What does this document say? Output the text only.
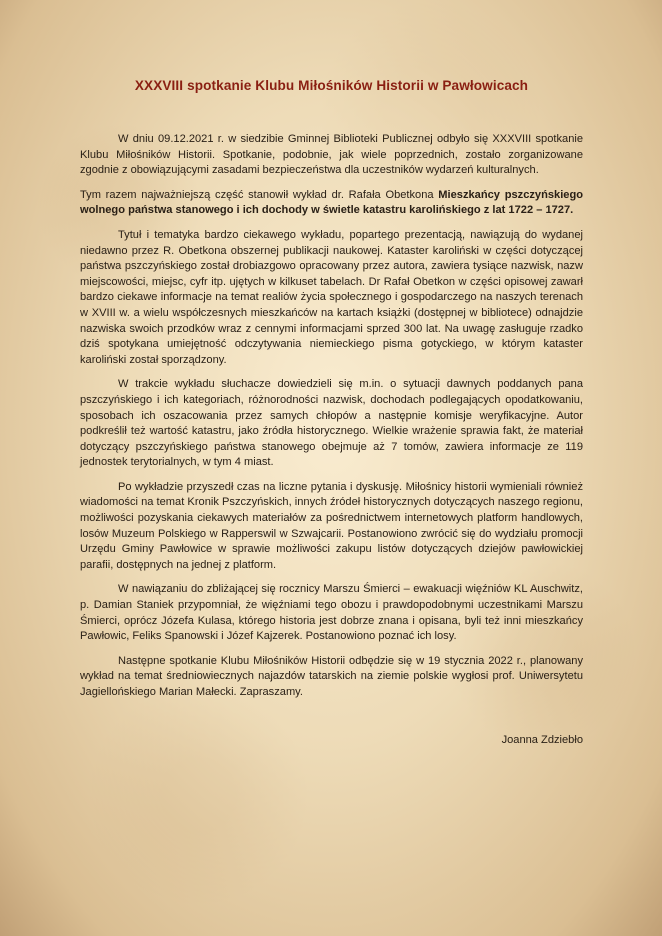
XXXVIII spotkanie Klubu Miłośników Historii w Pawłowicach

W dniu 09.12.2021 r. w siedzibie Gminnej Biblioteki Publicznej odbyło się XXXVIII spotkanie Klubu Miłośników Historii. Spotkanie, podobnie, jak wiele poprzednich, zostało zorganizowane zgodnie z obowiązującymi zasadami bezpieczeństwa dla uczestników wydarzeń kulturalnych.

Tym razem najważniejszą część stanowił wykład dr. Rafała Obetkona Mieszkańcy pszczyńskiego wolnego państwa stanowego i ich dochody w świetle katastru karolińskiego z lat 1722 – 1727.

Tytuł i tematyka bardzo ciekawego wykładu, popartego prezentacją, nawiązują do wydanej niedawno przez R. Obetkona obszernej publikacji naukowej. Kataster karoliński w części dotyczącej państwa pszczyńskiego został drobiazgowo opracowany przez autora, zawiera tysiące nazwisk, nazw miejscowości, miejsc, cyfr itp. ujętych w kilkuset tabelach. Dr Rafał Obetkon w części opisowej zawarł bardzo ciekawe informacje na temat realiów życia społecznego i gospodarczego na naszych terenach w XVIII w. a wielu współczesnych mieszkańców na kartach książki (dostępnej w bibliotece) odnajdzie nazwiska swoich przodków wraz z cennymi informacjami sprzed 300 lat. Na uwagę zasługuje rzadko dziś spotykana umiejętność odczytywania niemieckiego pisma gotyckiego, w którym kataster karoliński został sporządzony.

W trakcie wykładu słuchacze dowiedzieli się m.in. o sytuacji dawnych poddanych pana pszczyńskiego i ich kategoriach, różnorodności nazwisk, dochodach podlegających opodatkowaniu, sposobach ich oszacowania przez samych chłopów a następnie komisje weryfikacyjne. Autor podkreślił też wartość katastru, jako źródła historycznego. Wielkie wrażenie sprawia fakt, że materiał dotyczący pszczyńskiego państwa stanowego obejmuje aż 7 tomów, zawiera informacje ze 119 jednostek terytorialnych, w tym 4 miast.

Po wykładzie przyszedł czas na liczne pytania i dyskusję. Miłośnicy historii wymieniali również wiadomości na temat Kronik Pszczyńskich, innych źródeł historycznych dotyczących naszego regionu, możliwości pozyskania ciekawych materiałów za pośrednictwem internetowych platform handlowych, losów Muzeum Polskiego w Rapperswil w Szwajcarii. Postanowiono zwrócić się do wydziału promocji Urzędu Gminy Pawłowice w sprawie możliwości zakupu listów dotyczących dziejów pawłowickiej parafii, dostępnych na jednej z platform.

W nawiązaniu do zbliżającej się rocznicy Marszu Śmierci – ewakuacji więźniów KL Auschwitz, p. Damian Staniek przypomniał, że więźniami tego obozu i prawdopodobnymi uczestnikami Marszu Śmierci, oprócz Józefa Kulasa, którego historia jest dobrze znana i opisana, byli też inni mieszkańcy Pawłowic, Feliks Spanowski i Józef Kajzerek. Postanowiono poznać ich losy.

Następne spotkanie Klubu Miłośników Historii odbędzie się w 19 stycznia 2022 r., planowany wykład na temat średniowiecznych najazdów tatarskich na ziemie polskie wygłosi prof. Uniwersytetu Jagiellońskiego Marian Małecki. Zapraszamy.

Joanna Zdziebło
